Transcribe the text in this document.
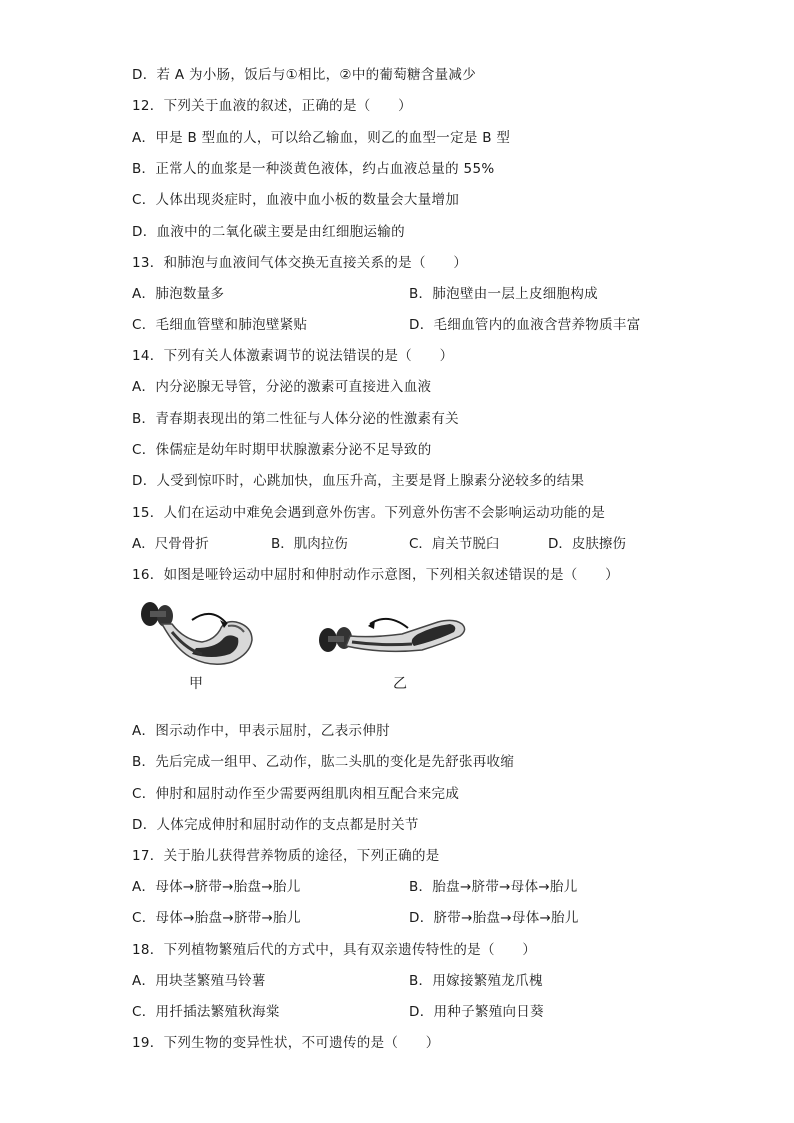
D．若 A 为小肠，饭后与①相比，②中的葡萄糖含量减少
12．下列关于血液的叙述，正确的是（　　）
A．甲是 B 型血的人，可以给乙输血，则乙的血型一定是 B 型
B．正常人的血浆是一种淡黄色液体，约占血液总量的 55%
C．人体出现炎症时，血液中血小板的数量会大量增加
D．血液中的二氧化碳主要是由红细胞运输的
13．和肺泡与血液间气体交换无直接关系的是（　　）
A．肺泡数量多	B．肺泡壁由一层上皮细胞构成
C．毛细血管壁和肺泡壁紧贴	D．毛细血管内的血液含营养物质丰富
14．下列有关人体激素调节的说法错误的是（　　）
A．内分泌腺无导管，分泌的激素可直接进入血液
B．青春期表现出的第二性征与人体分泌的性激素有关
C．侏儒症是幼年时期甲状腺激素分泌不足导致的
D．人受到惊吓时，心跳加快，血压升高，主要是肾上腺素分泌较多的结果
15．人们在运动中难免会遇到意外伤害。下列意外伤害不会影响运动功能的是
A．尺骨骨折	B．肌肉拉伤	C．肩关节脱臼	D．皮肤擦伤
16．如图是哑铃运动中屈肘和伸肘动作示意图，下列相关叙述错误的是（　　）
甲	乙
A．图示动作中，甲表示屈肘，乙表示伸肘
B．先后完成一组甲、乙动作，肱二头肌的变化是先舒张再收缩
C．伸肘和屈肘动作至少需要两组肌肉相互配合来完成
D．人体完成伸肘和屈肘动作的支点都是肘关节
17．关于胎儿获得营养物质的途径，下列正确的是
A．母体→脐带→胎盘→胎儿	B．胎盘→脐带→母体→胎儿
C．母体→胎盘→脐带→胎儿	D．脐带→胎盘→母体→胎儿
18．下列植物繁殖后代的方式中，具有双亲遗传特性的是（　　）
A．用块茎繁殖马铃薯	B．用嫁接繁殖龙爪槐
C．用扦插法繁殖秋海棠	D．用种子繁殖向日葵
19．下列生物的变异性状，不可遗传的是（　　）
